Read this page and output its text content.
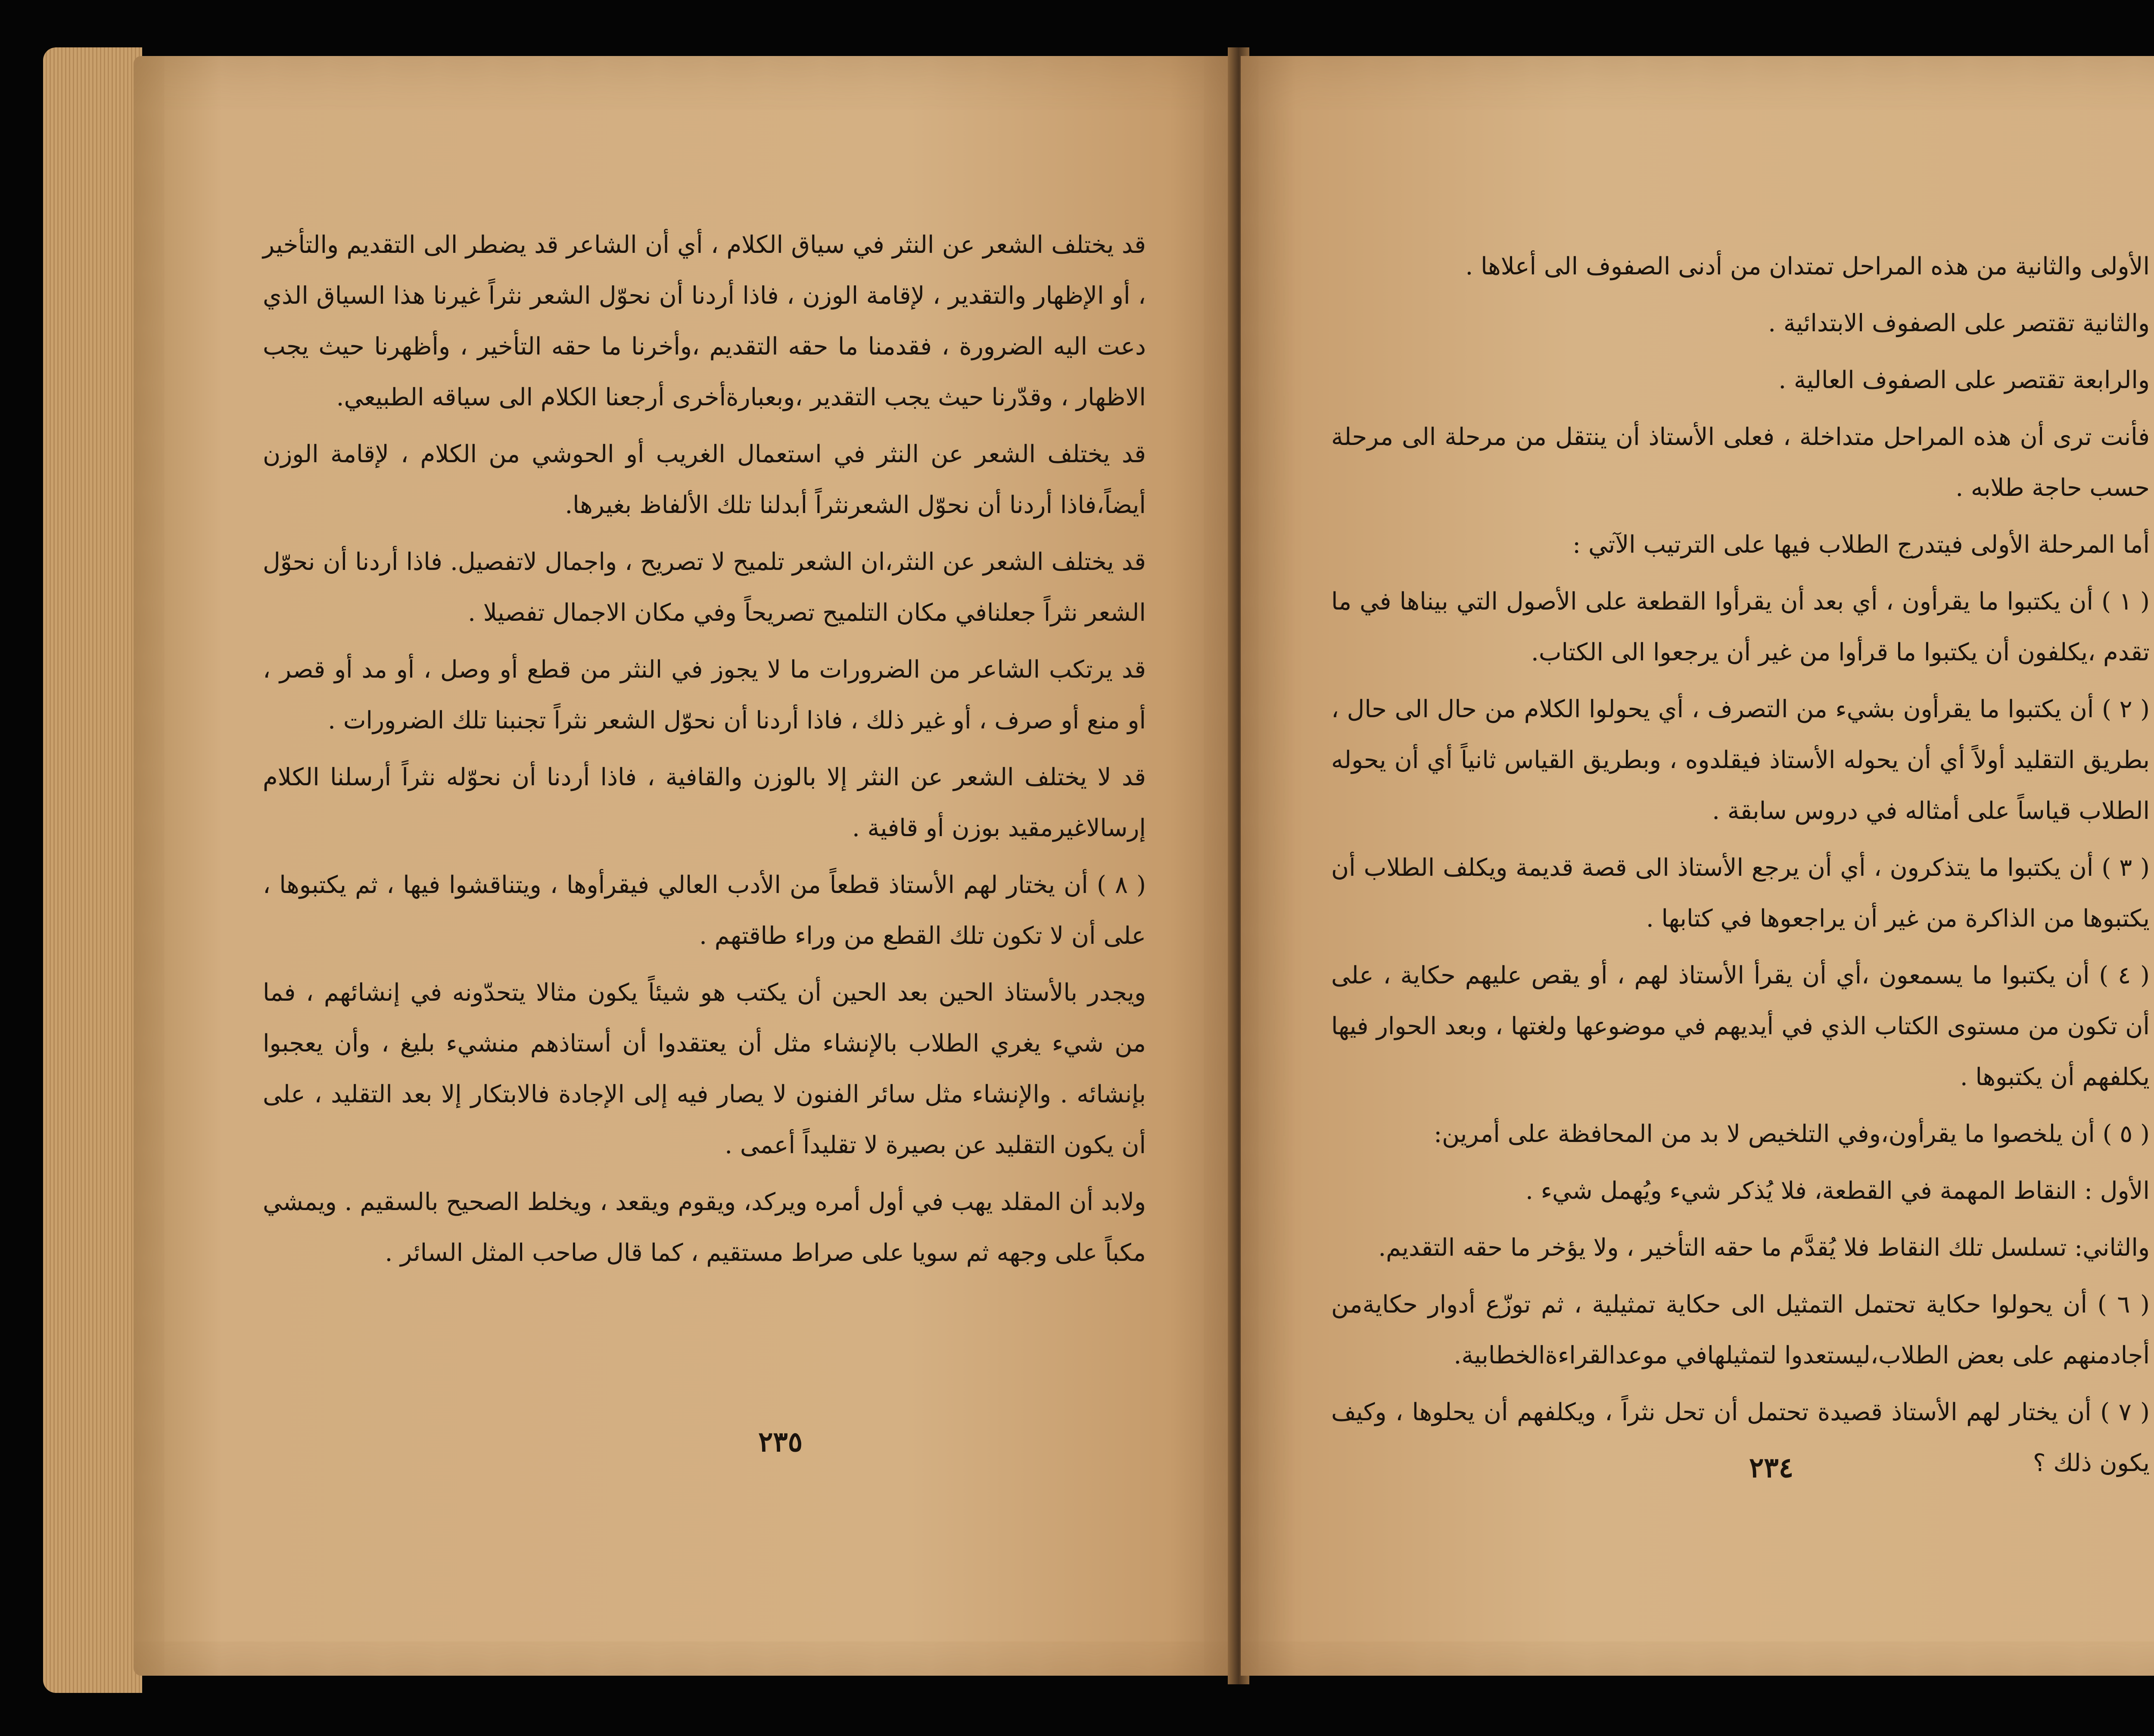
قد يختلف الشعر عن النثر في سياق الكلام ، أي أن الشاعر قد يضطر الى التقديم والتأخير ، أو الإظهار والتقدير ، لإقامة الوزن ، فاذا أردنا أن نحوّل الشعر نثراً غيرنا هذا السياق الذي دعت اليه الضرورة ، فقدمنا ما حقه التقديم ،وأخرنا ما حقه التأخير ، وأظهرنا حيث يجب الاظهار ، وقدّرنا حيث يجب التقدير ،وبعبارةأخرى أرجعنا الكلام الى سياقه الطبيعي.

قد يختلف الشعر عن النثر في استعمال الغريب أو الحوشي من الكلام ، لإقامة الوزن أيضاً،فاذا أردنا أن نحوّل الشعرنثراً أبدلنا تلك الألفاظ بغيرها.

قد يختلف الشعر عن النثر،ان الشعر تلميح لا تصريح ، واجمال لاتفصيل. فاذا أردنا أن نحوّل الشعر نثراً جعلنافي مكان التلميح تصريحاً وفي مكان الاجمال تفصيلا .

قد يرتكب الشاعر من الضرورات ما لا يجوز في النثر من قطع أو وصل ، أو مد أو قصر ، أو منع أو صرف ، أو غير ذلك ، فاذا أردنا أن نحوّل الشعر نثراً تجنبنا تلك الضرورات .

قد لا يختلف الشعر عن النثر إلا بالوزن والقافية ، فاذا أردنا أن نحوّله نثراً أرسلنا الكلام إرسالاغيرمقيد بوزن أو قافية .

( ٨ ) أن يختار لهم الأستاذ قطعاً من الأدب العالي فيقرأوها ، ويتناقشوا فيها ، ثم يكتبوها ، على أن لا تكون تلك القطع من وراء طاقتهم .

ويجدر بالأستاذ الحين بعد الحين أن يكتب هو شيئاً يكون مثالا يتحدّونه في إنشائهم ، فما من شيء يغري الطلاب بالإنشاء مثل أن يعتقدوا أن أستاذهم منشيء بليغ ، وأن يعجبوا بإنشائه . والإنشاء مثل سائر الفنون لا يصار فيه إلى الإجادة فالابتكار إلا بعد التقليد ، على أن يكون التقليد عن بصيرة لا تقليداً أعمى .

ولابد أن المقلد يهب في أول أمره ويركد، ويقوم ويقعد ، ويخلط الصحيح بالسقيم . ويمشي مكباً على وجهه ثم سويا على صراط مستقيم ، كما قال صاحب المثل السائر .

٢٣٥

الأولى والثانية من هذه المراحل تمتدان من أدنى الصفوف الى أعلاها .

والثانية تقتصر على الصفوف الابتدائية .

والرابعة تقتصر على الصفوف العالية .

فأنت ترى أن هذه المراحل متداخلة ، فعلى الأستاذ أن ينتقل من مرحلة الى مرحلة حسب حاجة طلابه .

أما المرحلة الأولى فيتدرج الطلاب فيها على الترتيب الآتي :

( ١ ) أن يكتبوا ما يقرأون ، أي بعد أن يقرأوا القطعة على الأصول التي بيناها في ما تقدم ،يكلفون أن يكتبوا ما قرأوا من غير أن يرجعوا الى الكتاب.

( ٢ ) أن يكتبوا ما يقرأون بشيء من التصرف ، أي يحولوا الكلام من حال الى حال ، بطريق التقليد أولاً أي أن يحوله الأستاذ فيقلدوه ، وبطريق القياس ثانياً أي أن يحوله الطلاب قياساً على أمثاله في دروس سابقة .

( ٣ ) أن يكتبوا ما يتذكرون ، أي أن يرجع الأستاذ الى قصة قديمة ويكلف الطلاب أن يكتبوها من الذاكرة من غير أن يراجعوها في كتابها .

( ٤ ) أن يكتبوا ما يسمعون ،أي أن يقرأ الأستاذ لهم ، أو يقص عليهم حكاية ، على أن تكون من مستوى الكتاب الذي في أيديهم في موضوعها ولغتها ، وبعد الحوار فيها يكلفهم أن يكتبوها .

( ٥ ) أن يلخصوا ما يقرأون،وفي التلخيص لا بد من المحافظة على أمرين:

الأول : النقاط المهمة في القطعة، فلا يُذكر شيء ويُهمل شيء .

والثاني: تسلسل تلك النقاط فلا يُقدَّم ما حقه التأخير ، ولا يؤخر ما حقه التقديم.

( ٦ ) أن يحولوا حكاية تحتمل التمثيل الى حكاية تمثيلية ، ثم توزّع أدوار حكايةمن أجادمنهم على بعض الطلاب،ليستعدوا لتمثيلهافي موعدالقراءةالخطابية.

( ٧ ) أن يختار لهم الأستاذ قصيدة تحتمل أن تحل نثراً ، ويكلفهم أن يحلوها ، وكيف يكون ذلك ؟

٢٣٤
